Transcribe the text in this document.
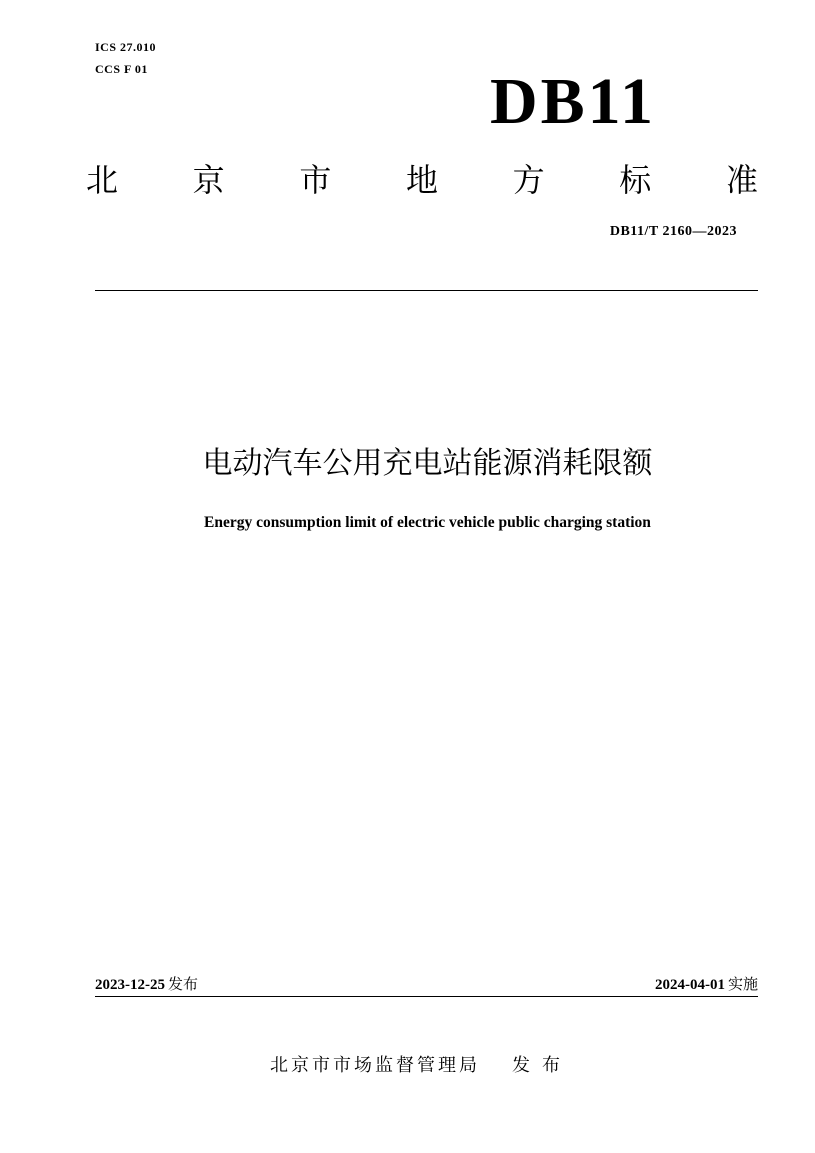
ICS 27.010
CCS F 01	DB11
北 京 市 地 方 标 准
DB11/T 2160—2023
电动汽车公用充电站能源消耗限额
Energy consumption limit of electric vehicle public charging station
2023-12-25 发布	2024-04-01 实施
北京市市场监督管理局 发布
